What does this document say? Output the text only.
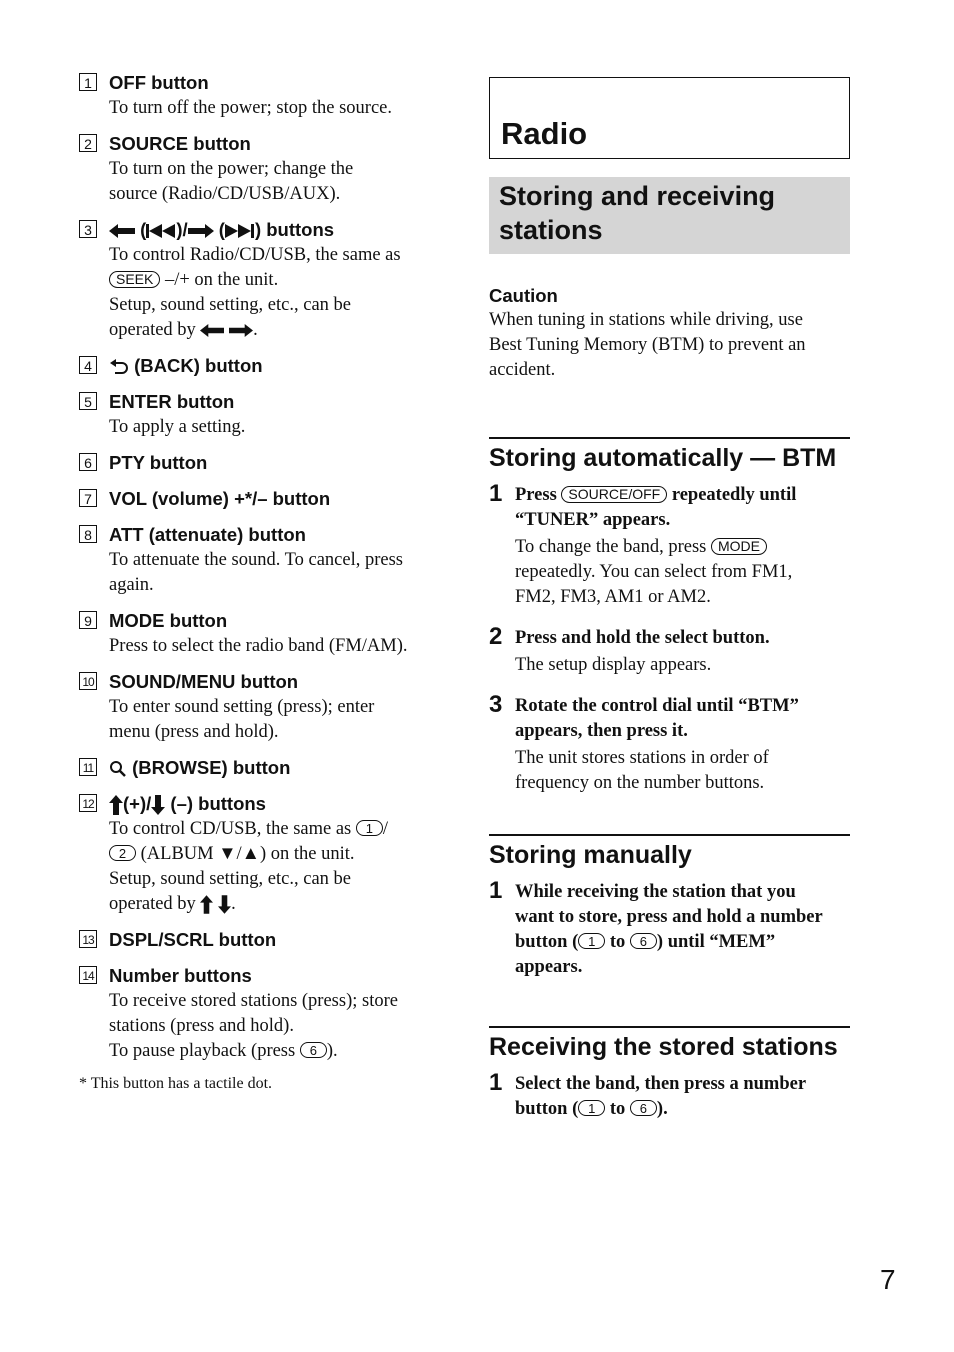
1 OFF button
To turn off the power; stop the source.
2 SOURCE button
To turn on the power; change the
source (Radio/CD/USB/AUX).
3	( )/ ( ) buttons
To control Radio/CD/USB, the same as
SEEK –/+ on the unit.
Setup, sound setting, etc., can be
operated by	.
4	(BACK) button
5 ENTER button
To apply a setting.
6 PTY button
7 VOL (volume) +*/– button
8 ATT (attenuate) button
To attenuate the sound. To cancel, press
again.
9 MODE button
Press to select the radio band (FM/AM).
10 SOUND/MENU button
To enter sound setting (press); enter
menu (press and hold).
11	(BROWSE) button
12	(+)/ (–) buttons
To control CD/USB, the same as 1 /
2 (ALBUM ▼/▲) on the unit.
Setup, sound setting, etc., can be
operated by .
13 DSPL/SCRL button
14 Number buttons
To receive stored stations (press); store
stations (press and hold).
To pause playback (press 6 ).
* This button has a tactile dot.
Radio
Storing and receiving
stations
Caution
When tuning in stations while driving, use
Best Tuning Memory (BTM) to prevent an
accident.
Storing automatically — BTM
1 Press SOURCE/OFF repeatedly until
“TUNER” appears.
To change the band, press MODE
repeatedly. You can select from FM1,
FM2, FM3, AM1 or AM2.
2 Press and hold the select button.
The setup display appears.
3 Rotate the control dial until “BTM”
appears, then press it.
The unit stores stations in order of
frequency on the number buttons.
Storing manually
1 While receiving the station that you
want to store, press and hold a number
button ( 1 to 6 ) until “MEM”
appears.
Receiving the stored stations
1 Select the band, then press a number
button ( 1 to 6 ).
7
